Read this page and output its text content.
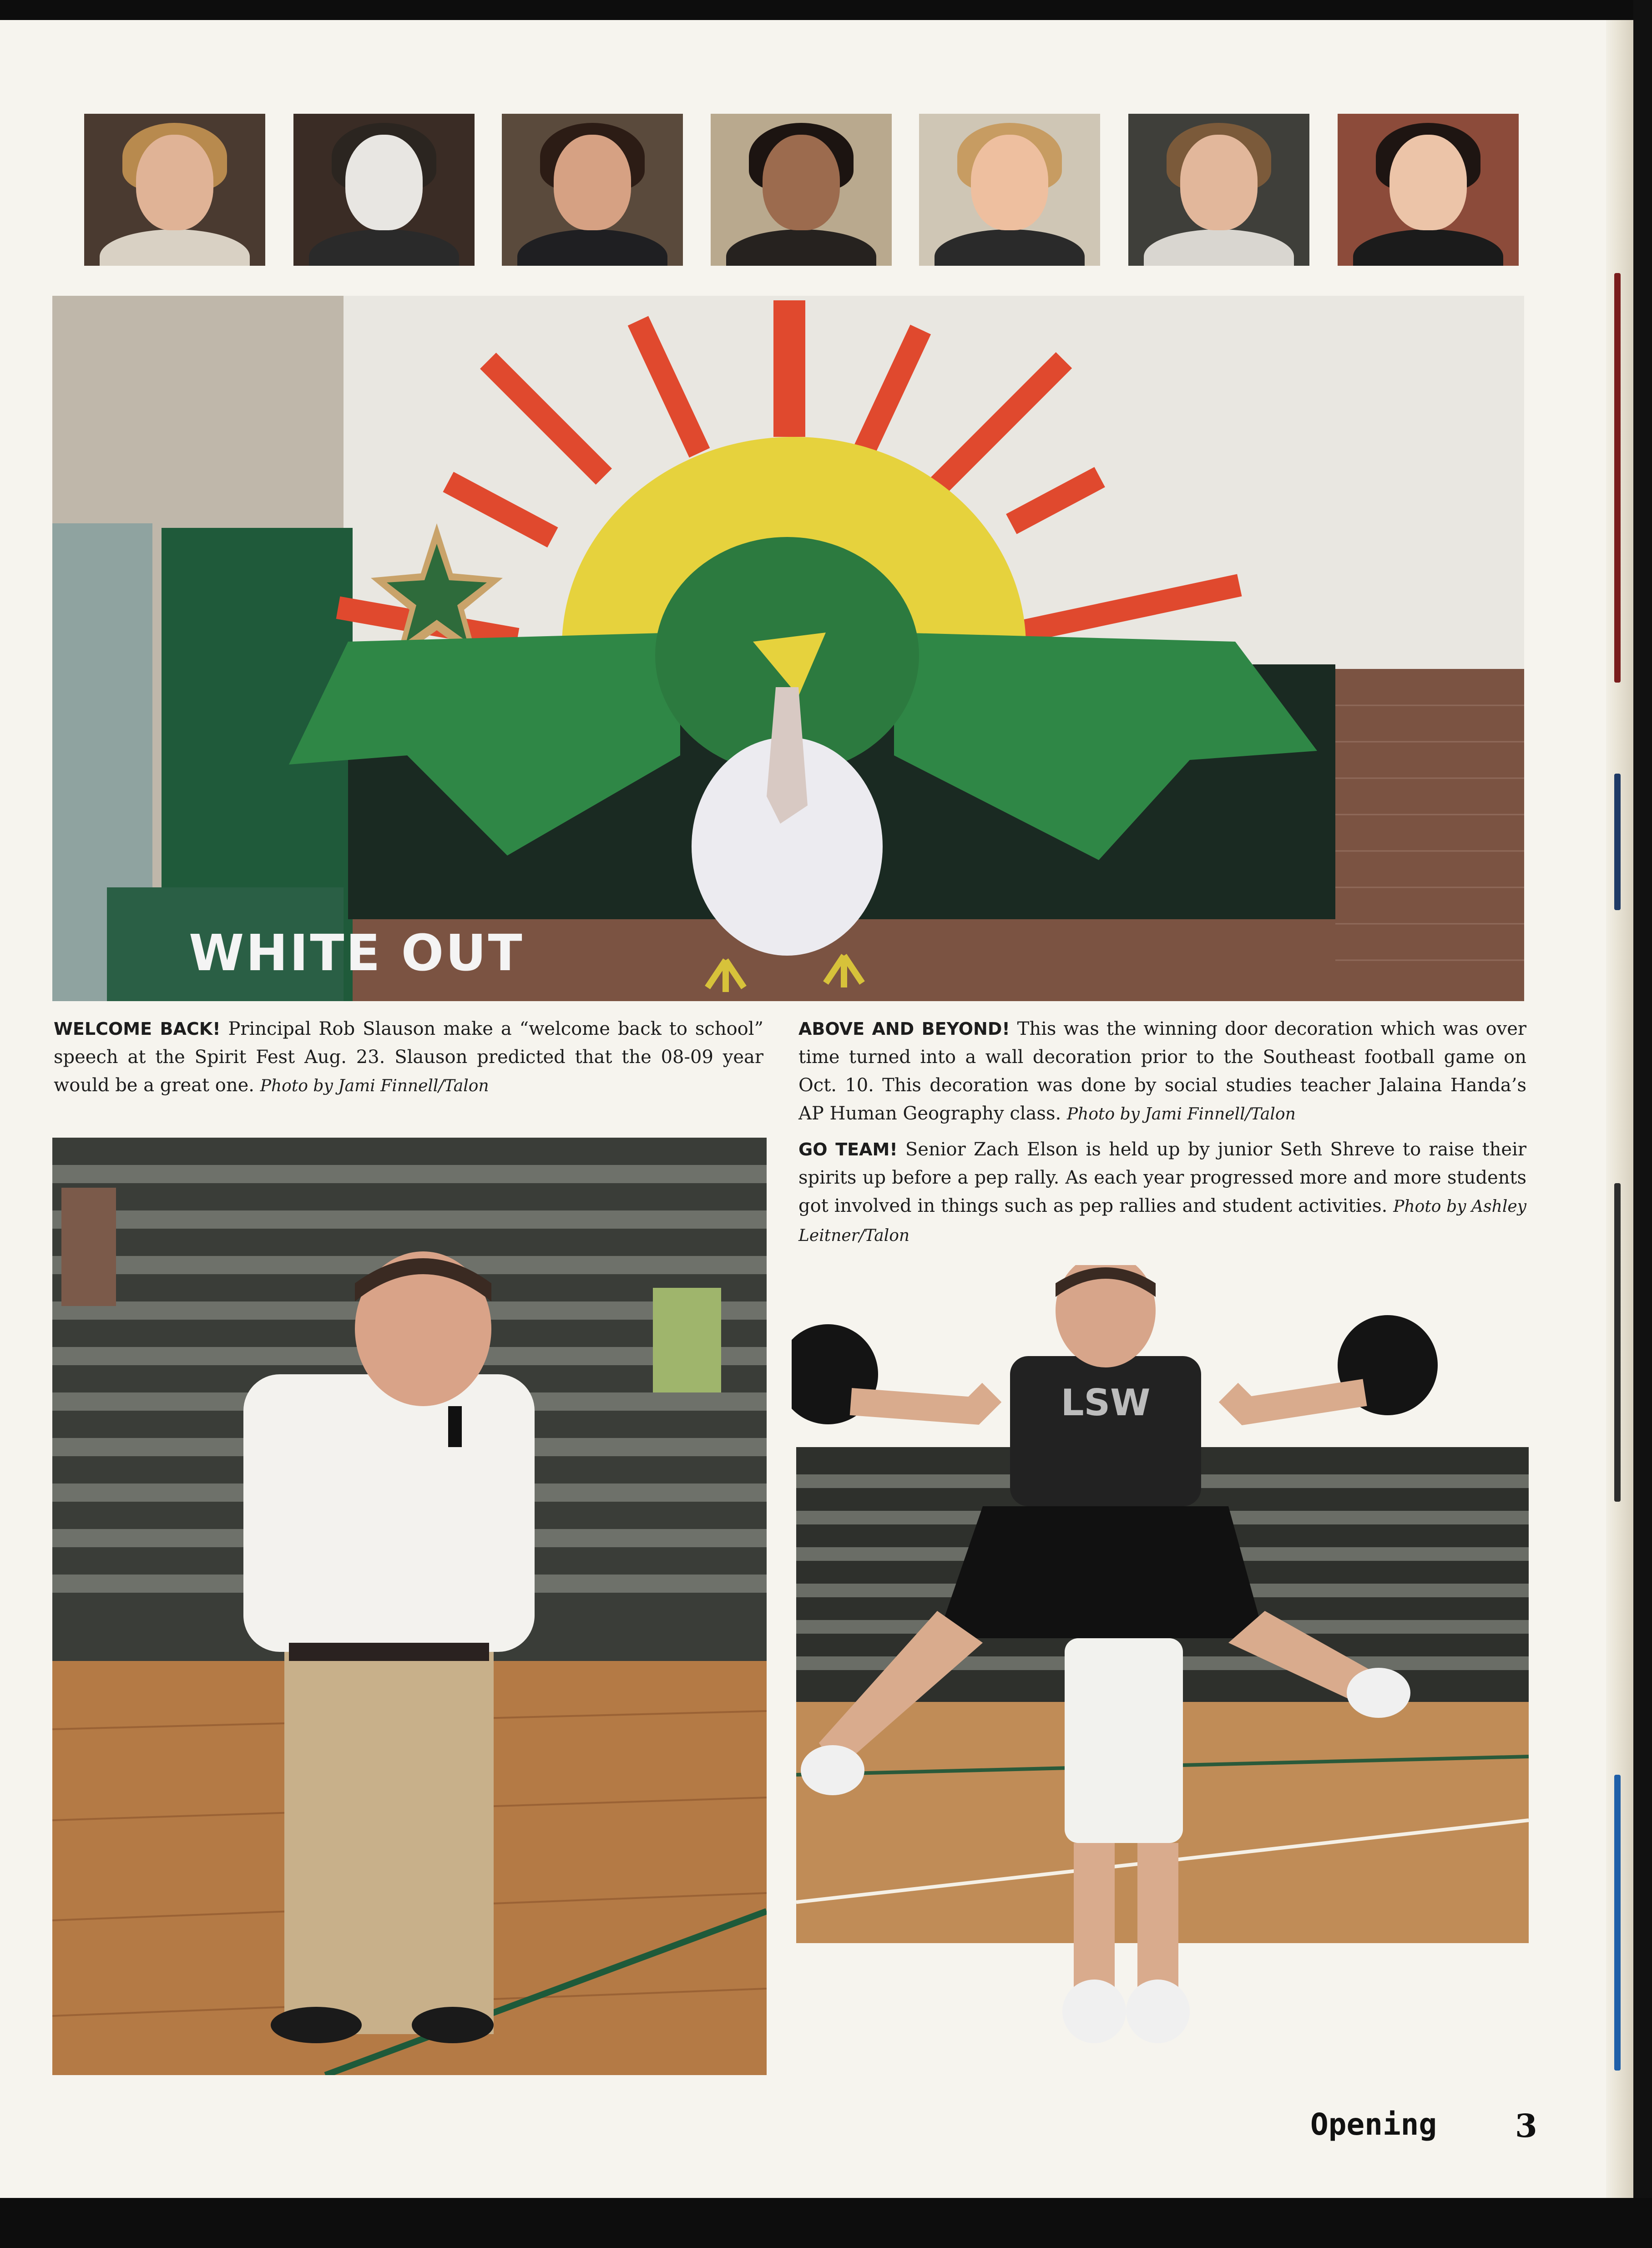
WHITE OUT
WELCOME BACK! Principal Rob Slauson make a “welcome back to school” speech at the Spirit Fest Aug. 23. Slauson predicted that the 08-09 year would be a great one. Photo by Jami Finnell/Talon
ABOVE AND BEYOND! This was the winning door decoration which was over time turned into a wall decoration prior to the Southeast football game on Oct. 10. This decoration was done by social studies teacher Jalaina Handa’s AP Human Geography class. Photo by Jami Finnell/Talon
GO TEAM! Senior Zach Elson is held up by junior Seth Shreve to raise their spirits up before a pep rally. As each year progressed more and more students got involved in things such as pep rallies and student activities. Photo by Ashley Leitner/Talon
LSW
Opening 3
